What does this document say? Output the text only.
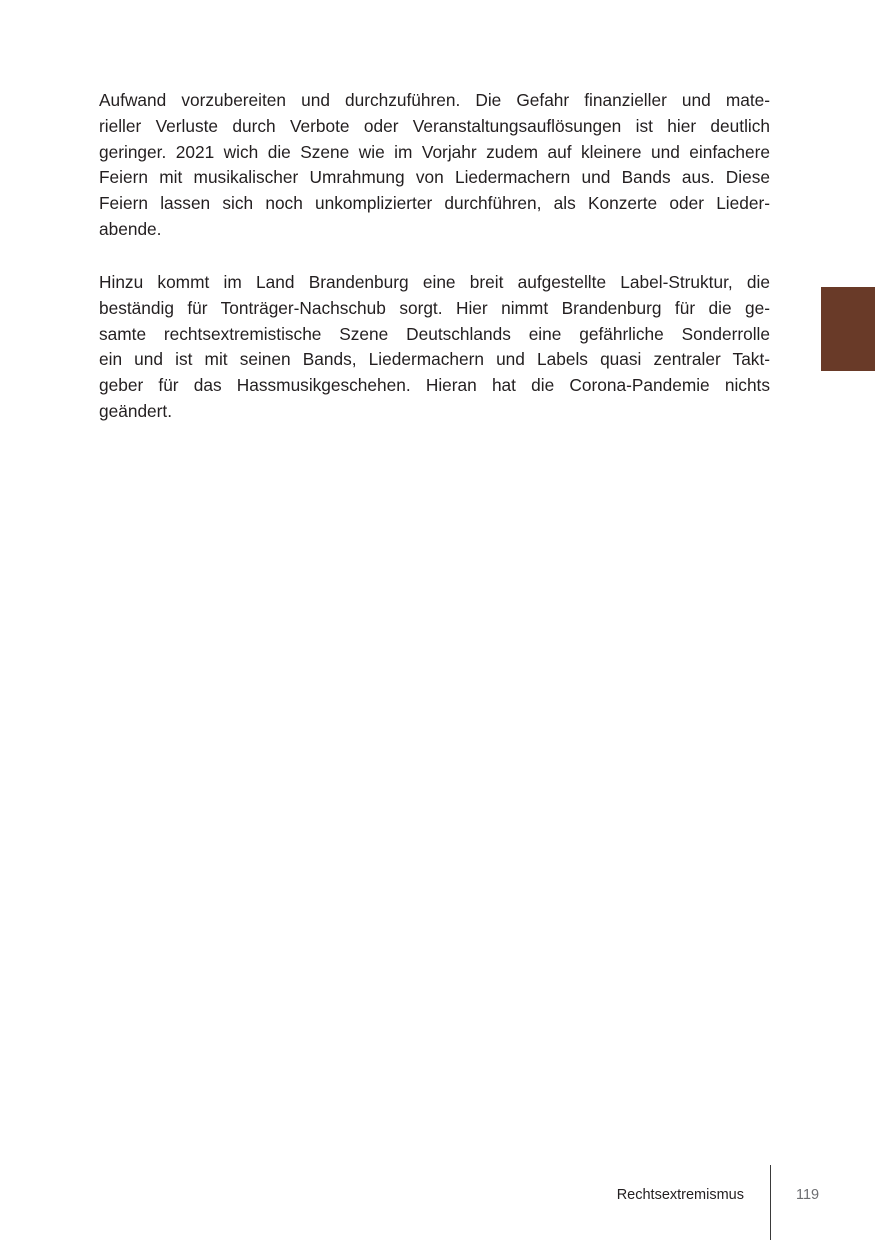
Aufwand vorzubereiten und durchzuführen. Die Gefahr finanzieller und mate-
rieller Verluste durch Verbote oder Veranstaltungsauflösungen ist hier deutlich
geringer. 2021 wich die Szene wie im Vorjahr zudem auf kleinere und einfachere
Feiern mit musikalischer Umrahmung von Liedermachern und Bands aus. Diese
Feiern lassen sich noch unkomplizierter durchführen, als Konzerte oder Lieder-
abende.
Hinzu kommt im Land Brandenburg eine breit aufgestellte Label-Struktur, die
beständig für Tonträger-Nachschub sorgt. Hier nimmt Brandenburg für die ge-
samte rechtsextremistische Szene Deutschlands eine gefährliche Sonderrolle
ein und ist mit seinen Bands, Liedermachern und Labels quasi zentraler Takt-
geber für das Hassmusikgeschehen. Hieran hat die Corona-Pandemie nichts
geändert.
Rechtsextremismus	119
